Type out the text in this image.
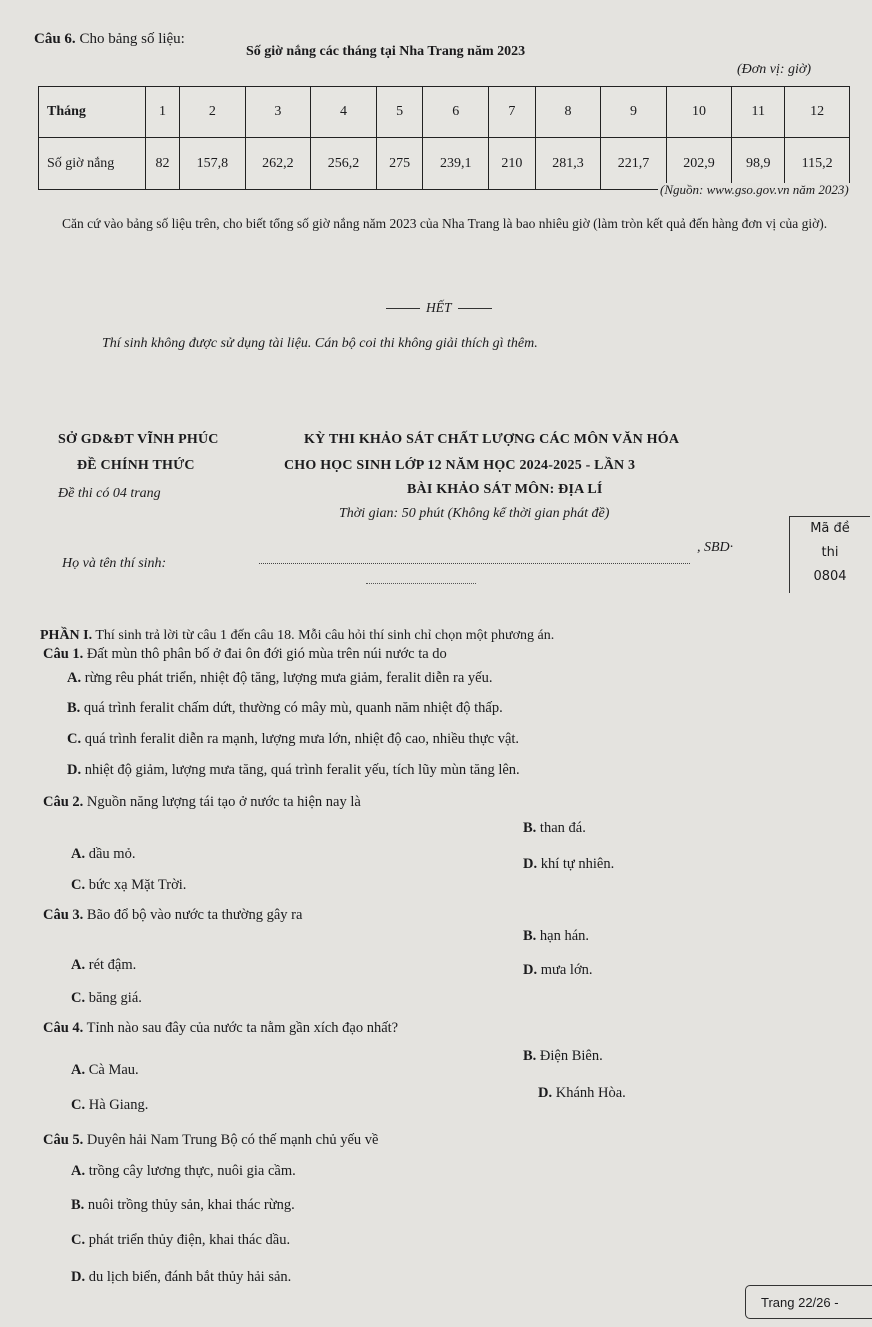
Câu 6. Cho bảng số liệu:
Số giờ nắng các tháng tại Nha Trang năm 2023
(Đơn vị: giờ)
Tháng	1	2	3	4	5	6	7	8	9	10	11	12
Số giờ nắng	82	157,8	262,2	256,2	275	239,1	210	281,3	221,7	202,9	98,9	115,2
(Nguồn: www.gso.gov.vn năm 2023)
Căn cứ vào bảng số liệu trên, cho biết tổng số giờ nắng năm 2023 của Nha Trang là bao nhiêu giờ (làm tròn kết quả đến hàng đơn vị của giờ).
HẾT
Thí sinh không được sử dụng tài liệu. Cán bộ coi thi không giải thích gì thêm.
SỞ GD&ĐT VĨNH PHÚC
ĐỀ CHÍNH THỨC
Đề thi có 04 trang
KỲ THI KHẢO SÁT CHẤT LƯỢNG CÁC MÔN VĂN HÓA
CHO HỌC SINH LỚP 12 NĂM HỌC 2024-2025 - LẦN 3
BÀI KHẢO SÁT MÔN: ĐỊA LÍ
Thời gian: 50 phút (Không kể thời gian phát đề)
Họ và tên thí sinh:
, SBD·
Mã đề
thi
0804
PHẦN I. Thí sinh trả lời từ câu 1 đến câu 18. Mỗi câu hỏi thí sinh chỉ chọn một phương án.
Câu 1. Đất mùn thô phân bố ở đai ôn đới gió mùa trên núi nước ta do
A. rừng rêu phát triển, nhiệt độ tăng, lượng mưa giảm, feralit diễn ra yếu.
B. quá trình feralit chấm dứt, thường có mây mù, quanh năm nhiệt độ thấp.
C. quá trình feralit diễn ra mạnh, lượng mưa lớn, nhiệt độ cao, nhiều thực vật.
D. nhiệt độ giảm, lượng mưa tăng, quá trình feralit yếu, tích lũy mùn tăng lên.
Câu 2. Nguồn năng lượng tái tạo ở nước ta hiện nay là
A. dầu mỏ.
B. than đá.
C. bức xạ Mặt Trời.
D. khí tự nhiên.
Câu 3. Bão đổ bộ vào nước ta thường gây ra
A. rét đậm.
B. hạn hán.
C. băng giá.
D. mưa lớn.
Câu 4. Tỉnh nào sau đây của nước ta nằm gần xích đạo nhất?
A. Cà Mau.
B. Điện Biên.
C. Hà Giang.
D. Khánh Hòa.
Câu 5. Duyên hải Nam Trung Bộ có thế mạnh chủ yếu về
A. trồng cây lương thực, nuôi gia cầm.
B. nuôi trồng thủy sản, khai thác rừng.
C. phát triển thủy điện, khai thác dầu.
D. du lịch biển, đánh bắt thủy hải sản.
Trang 22/26 -
